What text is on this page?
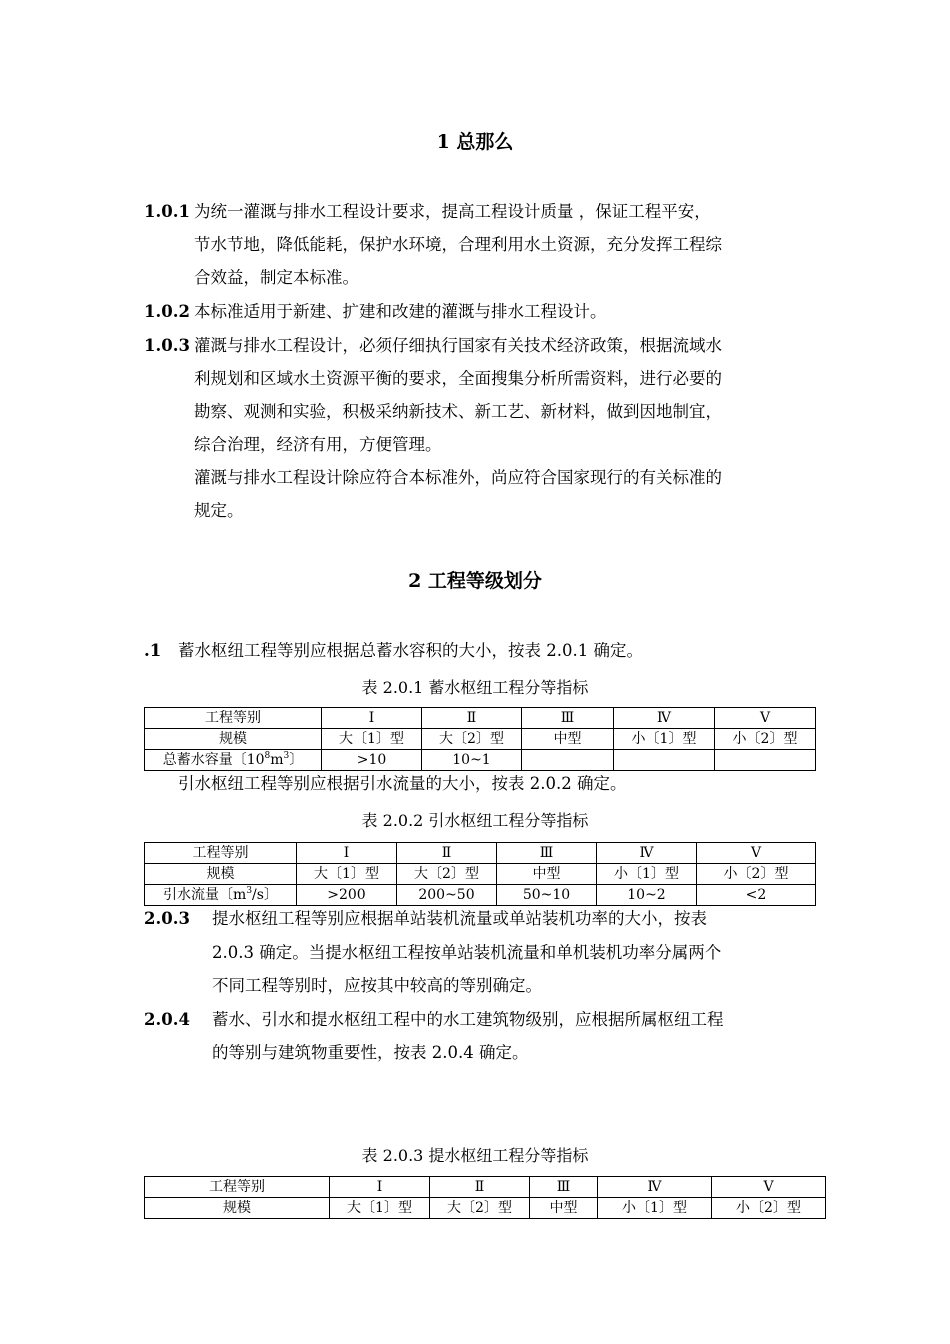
1 总那么
1.0.1 为统一灌溉与排水工程设计要求，提高工程设计质量 ，保证工程平安，
节水节地，降低能耗，保护水环境，合理利用水土资源，充分发挥工程综
合效益，制定本标准。
1.0.2 本标准适用于新建、扩建和改建的灌溉与排水工程设计。
1.0.3 灌溉与排水工程设计，必须仔细执行国家有关技术经济政策，根据流域水
利规划和区域水土资源平衡的要求，全面搜集分析所需资料，进行必要的
勘察、观测和实验，积极采纳新技术、新工艺、新材料，做到因地制宜，
综合治理，经济有用，方便管理。
灌溉与排水工程设计除应符合本标准外，尚应符合国家现行的有关标准的
规定。
2 工程等级划分
.1 蓄水枢纽工程等别应根据总蓄水容积的大小，按表 2.0.1 确定。
表 2.0.1 蓄水枢纽工程分等指标
工程等别	I	Ⅱ	Ⅲ	Ⅳ	V
规模	大〔1〕型	大〔2〕型	中型	小〔1〕型	小〔2〕型
总蓄水容量〔$10^8m^3$〕	>10	10~1			
引水枢纽工程等别应根据引水流量的大小，按表 2.0.2 确定。
表 2.0.2 引水枢纽工程分等指标
工程等别	I	Ⅱ	Ⅲ	Ⅳ	V
规模	大〔1〕型	大〔2〕型	中型	小〔1〕型	小〔2〕型
引水流量〔$m^3/s$〕	>200	200~50	50~10	10~2	<2
2.0.3 提水枢纽工程等别应根据单站装机流量或单站装机功率的大小，按表
2.0.3 确定。当提水枢纽工程按单站装机流量和单机装机功率分属两个
不同工程等别时，应按其中较高的等别确定。
2.0.4 蓄水、引水和提水枢纽工程中的水工建筑物级别，应根据所属枢纽工程
的等别与建筑物重要性，按表 2.0.4 确定。
表 2.0.3 提水枢纽工程分等指标
工程等别	I	Ⅱ	Ⅲ	Ⅳ	V
规模	大〔1〕型	大〔2〕型	中型	小〔1〕型	小〔2〕型
